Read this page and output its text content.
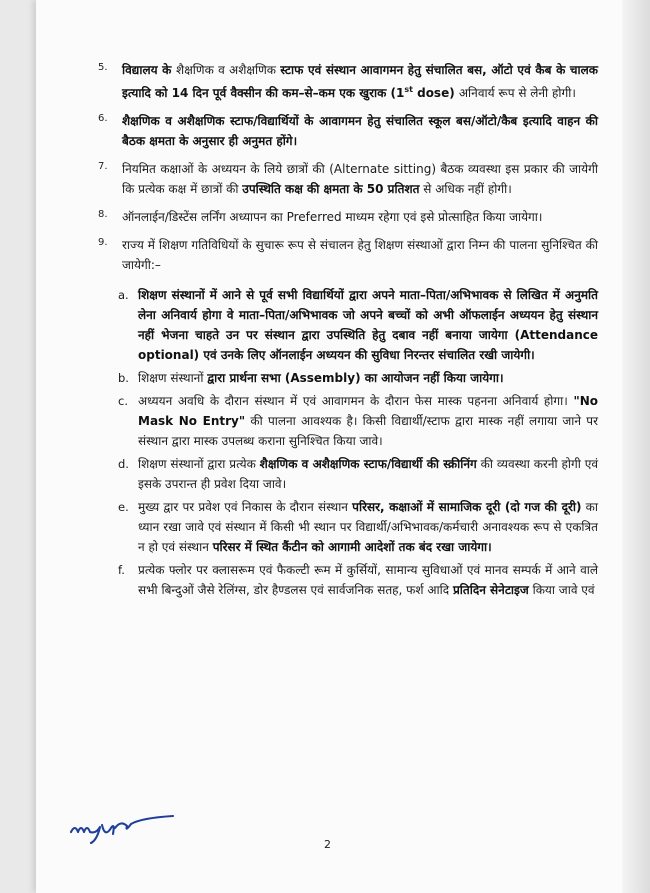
5. विद्यालय के शैक्षणिक व अशैक्षणिक स्टाफ एवं संस्थान आवागमन हेतु संचालित बस, ऑटो एवं कैब के चालक इत्यादि को 14 दिन पूर्व वैक्सीन की कम–से–कम एक खुराक (1st dose) अनिवार्य रूप से लेनी होगी।
6. शैक्षणिक व अशैक्षणिक स्टाफ/विद्यार्थियों के आवागमन हेतु संचालित स्कूल बस/ऑटो/कैब इत्यादि वाहन की बैठक क्षमता के अनुसार ही अनुमत होंगे।
7. नियमित कक्षाओं के अध्ययन के लिये छात्रों की (Alternate sitting) बैठक व्यवस्था इस प्रकार की जायेगी कि प्रत्येक कक्ष में छात्रों की उपस्थिति कक्ष की क्षमता के 50 प्रतिशत से अधिक नहीं होगी।
8. ऑनलाईन/डिस्टेंस लर्निंग अध्यापन का Preferred माध्यम रहेगा एवं इसे प्रोत्साहित किया जायेगा।
9. राज्य में शिक्षण गतिविधियों के सुचारू रूप से संचालन हेतु शिक्षण संस्थाओं द्वारा निम्न की पालना सुनिश्चित की जायेगी:–
a. शिक्षण संस्थानों में आने से पूर्व सभी विद्यार्थियों द्वारा अपने माता–पिता/अभिभावक से लिखित में अनुमति लेना अनिवार्य होगा वे माता–पिता/अभिभावक जो अपने बच्चों को अभी ऑफलाईन अध्ययन हेतु संस्थान नहीं भेजना चाहते उन पर संस्थान द्वारा उपस्थिति हेतु दबाव नहीं बनाया जायेगा (Attendance optional) एवं उनके लिए ऑनलाईन अध्ययन की सुविधा निरन्तर संचालित रखी जायेगी।
b. शिक्षण संस्थानों द्वारा प्रार्थना सभा (Assembly) का आयोजन नहीं किया जायेगा।
c. अध्ययन अवधि के दौरान संस्थान में एवं आवागमन के दौरान फेस मास्क पहनना अनिवार्य होगा। "No Mask No Entry" की पालना आवश्यक है। किसी विद्यार्थी/स्टाफ द्वारा मास्क नहीं लगाया जाने पर संस्थान द्वारा मास्क उपलब्ध कराना सुनिश्चित किया जावे।
d. शिक्षण संस्थानों द्वारा प्रत्येक शैक्षणिक व अशैक्षणिक स्टाफ/विद्यार्थी की स्क्रीनिंग की व्यवस्था करनी होगी एवं इसके उपरान्त ही प्रवेश दिया जावे।
e. मुख्य द्वार पर प्रवेश एवं निकास के दौरान संस्थान परिसर, कक्षाओं में सामाजिक दूरी (दो गज की दूरी) का ध्यान रखा जावे एवं संस्थान में किसी भी स्थान पर विद्यार्थी/अभिभावक/कर्मचारी अनावश्यक रूप से एकत्रित न हो एवं संस्थान परिसर में स्थित कैंटीन को आगामी आदेशों तक बंद रखा जायेगा।
f. प्रत्येक फ्लोर पर क्लासरूम एवं फैकल्टी रूम में कुर्सियों, सामान्य सुविधाओं एवं मानव सम्पर्क में आने वाले सभी बिन्दुओं जैसे रेलिंग्स, डोर हैण्डलस एवं सार्वजनिक सतह, फर्श आदि प्रतिदिन सेनेटाइज किया जावे एवं
2
